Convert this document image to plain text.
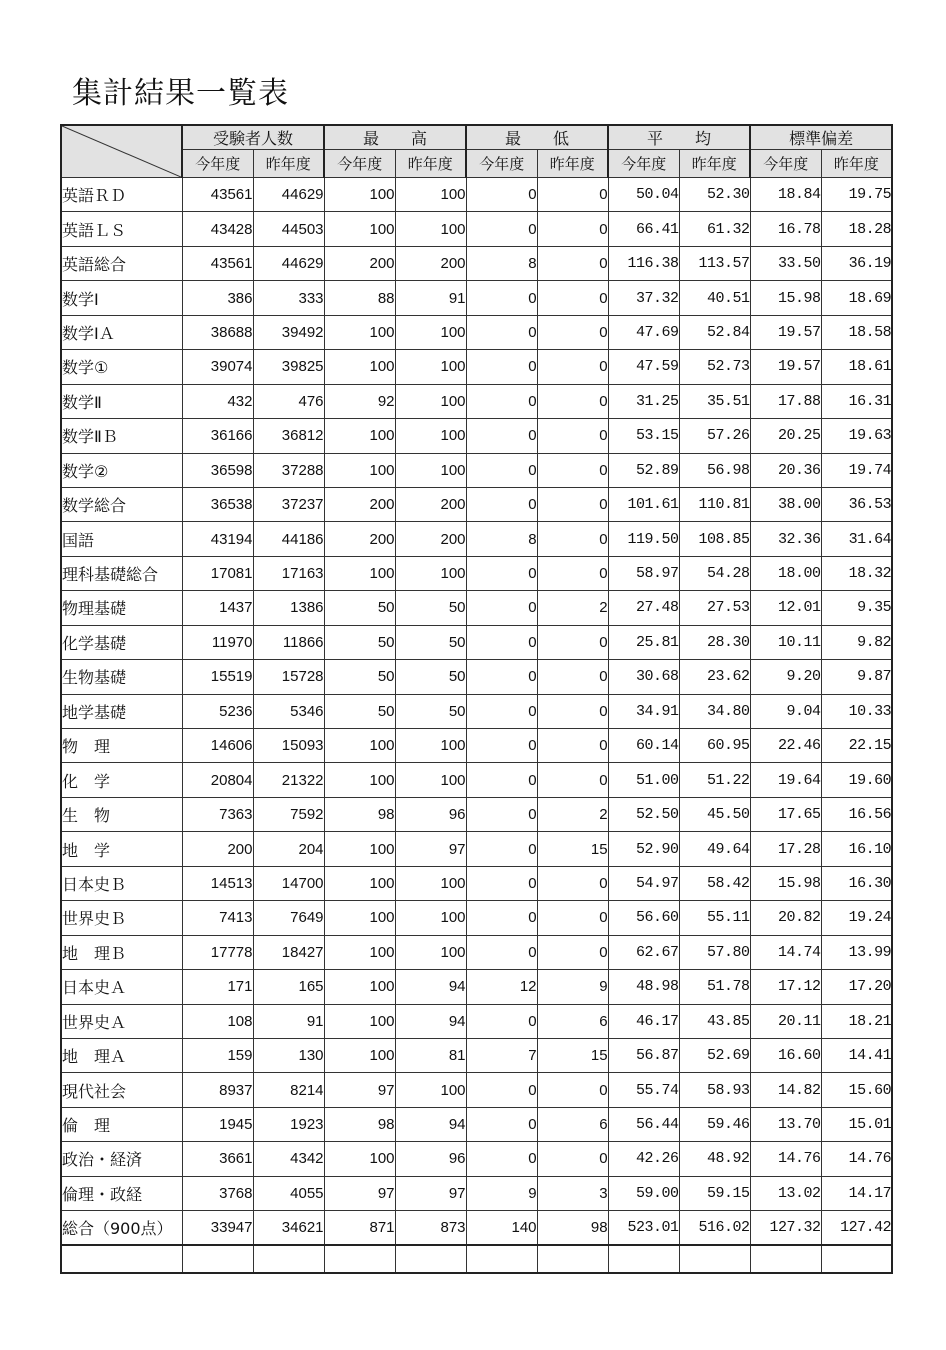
集計結果一覧表
	受験者人数		最　　高		最　　低		平　　均		標準偏差	
	今年度	昨年度	今年度	昨年度	今年度	昨年度	今年度	昨年度	今年度	昨年度
英語ＲＤ	43561	44629	100	100	0	0	50.04	52.30	18.84	19.75
英語ＬＳ	43428	44503	100	100	0	0	66.41	61.32	16.78	18.28
英語総合	43561	44629	200	200	8	0	116.38	113.57	33.50	36.19
数学Ⅰ	386	333	88	91	0	0	37.32	40.51	15.98	18.69
数学ⅠＡ	38688	39492	100	100	0	0	47.69	52.84	19.57	18.58
数学①	39074	39825	100	100	0	0	47.59	52.73	19.57	18.61
数学Ⅱ	432	476	92	100	0	0	31.25	35.51	17.88	16.31
数学ⅡＢ	36166	36812	100	100	0	0	53.15	57.26	20.25	19.63
数学②	36598	37288	100	100	0	0	52.89	56.98	20.36	19.74
数学総合	36538	37237	200	200	0	0	101.61	110.81	38.00	36.53
国語	43194	44186	200	200	8	0	119.50	108.85	32.36	31.64
理科基礎総合	17081	17163	100	100	0	0	58.97	54.28	18.00	18.32
物理基礎	1437	1386	50	50	0	2	27.48	27.53	12.01	9.35
化学基礎	11970	11866	50	50	0	0	25.81	28.30	10.11	9.82
生物基礎	15519	15728	50	50	0	0	30.68	23.62	9.20	9.87
地学基礎	5236	5346	50	50	0	0	34.91	34.80	9.04	10.33
物　理	14606	15093	100	100	0	0	60.14	60.95	22.46	22.15
化　学	20804	21322	100	100	0	0	51.00	51.22	19.64	19.60
生　物	7363	7592	98	96	0	2	52.50	45.50	17.65	16.56
地　学	200	204	100	97	0	15	52.90	49.64	17.28	16.10
日本史Ｂ	14513	14700	100	100	0	0	54.97	58.42	15.98	16.30
世界史Ｂ	7413	7649	100	100	0	0	56.60	55.11	20.82	19.24
地　理Ｂ	17778	18427	100	100	0	0	62.67	57.80	14.74	13.99
日本史Ａ	171	165	100	94	12	9	48.98	51.78	17.12	17.20
世界史Ａ	108	91	100	94	0	6	46.17	43.85	20.11	18.21
地　理Ａ	159	130	100	81	7	15	56.87	52.69	16.60	14.41
現代社会	8937	8214	97	100	0	0	55.74	58.93	14.82	15.60
倫　理	1945	1923	98	94	0	6	56.44	59.46	13.70	15.01
政治・経済	3661	4342	100	96	0	0	42.26	48.92	14.76	14.76
倫理・政経	3768	4055	97	97	9	3	59.00	59.15	13.02	14.17
総合（900点）	33947	34621	871	873	140	98	523.01	516.02	127.32	127.42
